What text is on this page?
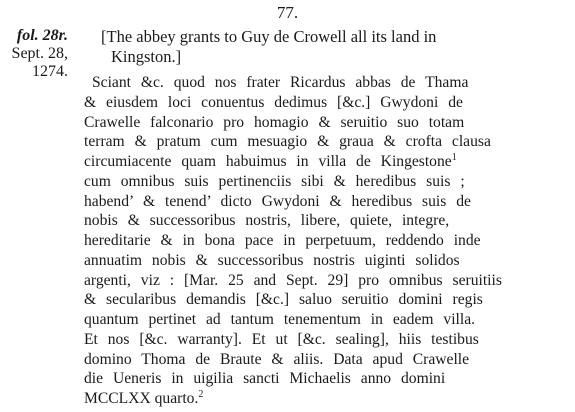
77.
fol. 28r.
Sept. 28,
1274.
[The abbey grants to Guy de Crowell all its land in
Kingston.]
Sciant &c. quod nos frater Ricardus abbas de Thama
& eiusdem loci conuentus dedimus [&c.] Gwydoni de
Crawelle falconario pro homagio & seruitio suo totam
terram & pratum cum mesuagio & graua & crofta clausa
circumiacente quam habuimus in villa de Kingestone$^1$
cum omnibus suis pertinenciis sibi & heredibus suis ;
habend’ & tenend’ dicto Gwydoni & heredibus suis de
nobis & successoribus nostris, libere, quiete, integre,
hereditarie & in bona pace in perpetuum, reddendo inde
annuatim nobis & successoribus nostris uiginti solidos
argenti, viz : [Mar. 25 and Sept. 29] pro omnibus seruitiis
& secularibus demandis [&c.] saluo seruitio domini regis
quantum pertinet ad tantum tenementum in eadem villa.
Et nos [&c. warranty]. Et ut [&c. sealing], hiis testibus
domino Thoma de Braute & aliis. Data apud Crawelle
die Ueneris in uigilia sancti Michaelis anno domini
MCCLXX quarto.$^2$
